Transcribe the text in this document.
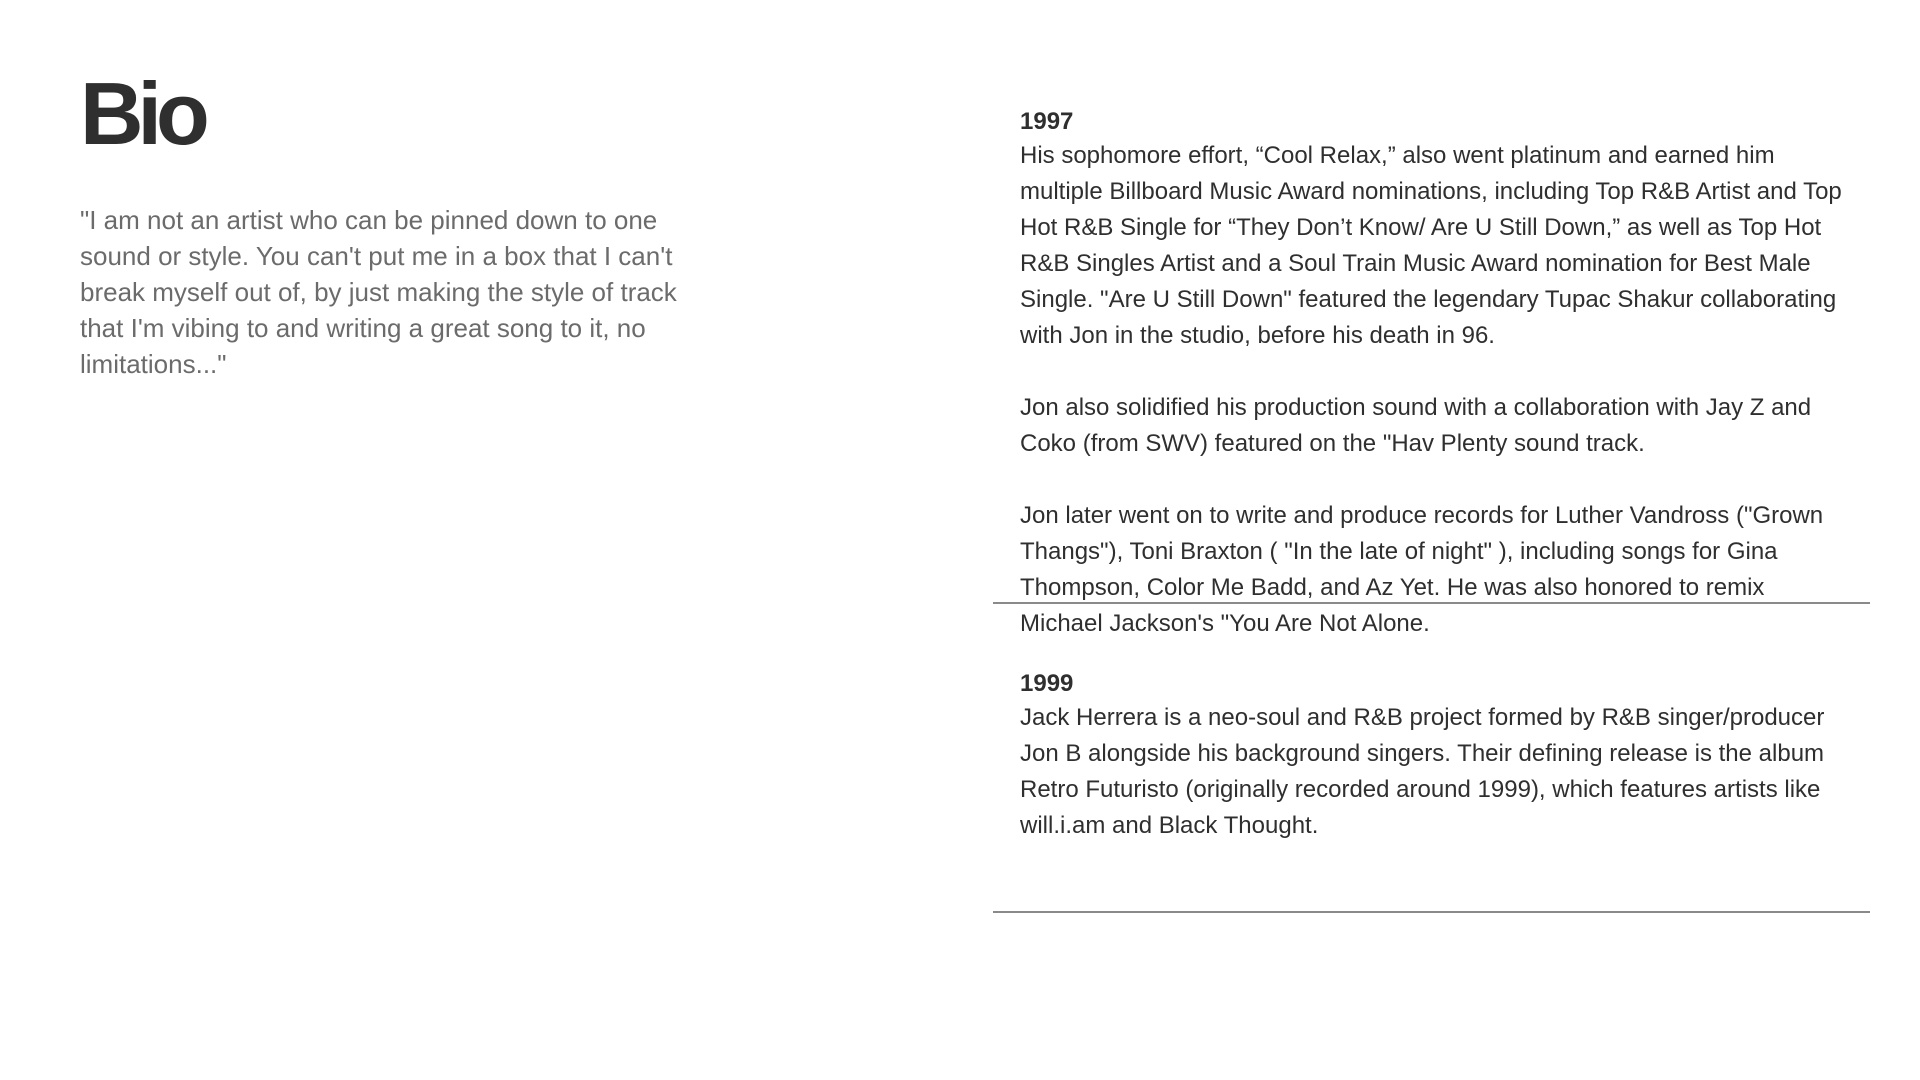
Bio
"I am not an artist who can be pinned down to one sound or style. You can't put me in a box that I can't break myself out of, by just making the style of track that I'm vibing to and writing a great song to it, no limitations..."
1997

His sophomore effort, “Cool Relax,” also went platinum and earned him multiple Billboard Music Award nominations, including Top R&B Artist and Top Hot R&B Single for “They Don’t Know/ Are U Still Down,” as well as Top Hot R&B Singles Artist and a Soul Train Music Award nomination for Best Male Single. "Are U Still Down" featured the legendary Tupac Shakur collaborating with Jon in the studio, before his death in 96.

Jon also solidified his production sound with a collaboration with Jay Z and Coko (from SWV) featured on the "Hav Plenty sound track.

Jon later went on to write and produce records for Luther Vandross ("Grown Thangs"), Toni Braxton ( "In the late of night" ), including songs for Gina Thompson, Color Me Badd, and Az Yet. He was also honored to remix Michael Jackson's "You Are Not Alone.

1999

Jack Herrera is a neo-soul and R&B project formed by R&B singer/producer Jon B alongside his background singers. Their defining release is the album Retro Futuristo (originally recorded around 1999), which features artists like will.i.am and Black Thought.
